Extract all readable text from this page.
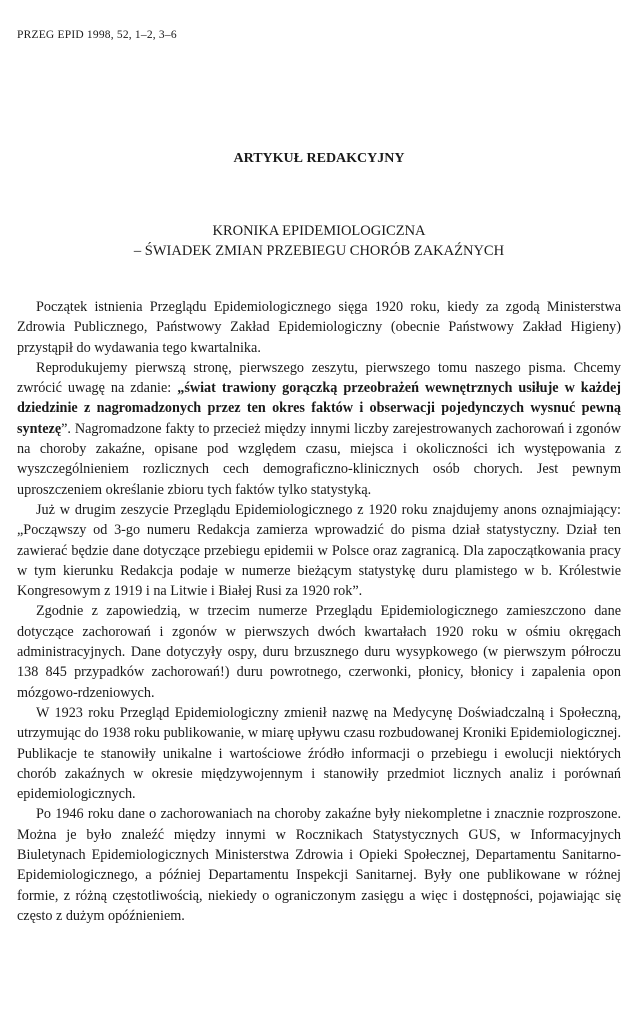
PRZEG EPID 1998, 52, 1–2, 3–6
ARTYKUŁ REDAKCYJNY
KRONIKA EPIDEMIOLOGICZNA
– ŚWIADEK ZMIAN PRZEBIEGU CHORÓB ZAKAŹNYCH

Początek istnienia Przeglądu Epidemiologicznego sięga 1920 roku, kiedy za zgodą Ministerstwa Zdrowia Publicznego, Państwowy Zakład Epidemiologiczny (obecnie Państwowy Zakład Higieny) przystąpił do wydawania tego kwartalnika.

Reprodukujemy pierwszą stronę, pierwszego zeszytu, pierwszego tomu naszego pisma. Chcemy zwrócić uwagę na zdanie: „świat trawiony gorączką przeobrażeń wewnętrznych usiłuje w każdej dziedzinie z nagromadzonych przez ten okres faktów i obserwacji pojedynczych wysnuć pewną syntezę”. Nagromadzone fakty to przecież między innymi liczby zarejestrowanych zachorowań i zgonów na choroby zakaźne, opisane pod względem czasu, miejsca i okoliczności ich występowania z wyszczególnieniem rozlicznych cech demograficzno-klinicznych osób chorych. Jest pewnym uproszczeniem określanie zbioru tych faktów tylko statystyką.

Już w drugim zeszycie Przeglądu Epidemiologicznego z 1920 roku znajdujemy anons oznajmiający: „Począwszy od 3-go numeru Redakcja zamierza wprowadzić do pisma dział statystyczny. Dział ten zawierać będzie dane dotyczące przebiegu epidemii w Polsce oraz zagranicą. Dla zapoczątkowania pracy w tym kierunku Redakcja podaje w numerze bieżącym statystykę duru plamistego w b. Królestwie Kongresowym z 1919 i na Litwie i Białej Rusi za 1920 rok”.

Zgodnie z zapowiedzią, w trzecim numerze Przeglądu Epidemiologicznego zamieszczono dane dotyczące zachorowań i zgonów w pierwszych dwóch kwartałach 1920 roku w ośmiu okręgach administracyjnych. Dane dotyczyły ospy, duru brzusznego duru wysypkowego (w pierwszym półroczu 138 845 przypadków zachorowań!) duru powrotnego, czerwonki, płonicy, błonicy i zapalenia opon mózgowo-rdzeniowych.

W 1923 roku Przegląd Epidemiologiczny zmienił nazwę na Medycynę Doświadczalną i Społeczną, utrzymując do 1938 roku publikowanie, w miarę upływu czasu rozbudowanej Kroniki Epidemiologicznej. Publikacje te stanowiły unikalne i wartościowe źródło informacji o przebiegu i ewolucji niektórych chorób zakaźnych w okresie międzywojennym i stanowiły przedmiot licznych analiz i porównań epidemiologicznych.

Po 1946 roku dane o zachorowaniach na choroby zakaźne były niekompletne i znacznie rozproszone. Można je było znaleźć między innymi w Rocznikach Statystycznych GUS, w Informacyjnych Biuletynach Epidemiologicznych Ministerstwa Zdrowia i Opieki Społecznej, Departamentu Sanitarno-Epidemiologicznego, a później Departamentu Inspekcji Sanitarnej. Były one publikowane w różnej formie, z różną częstotliwością, niekiedy o ograniczonym zasięgu a więc i dostępności, pojawiając się często z dużym opóźnieniem.
